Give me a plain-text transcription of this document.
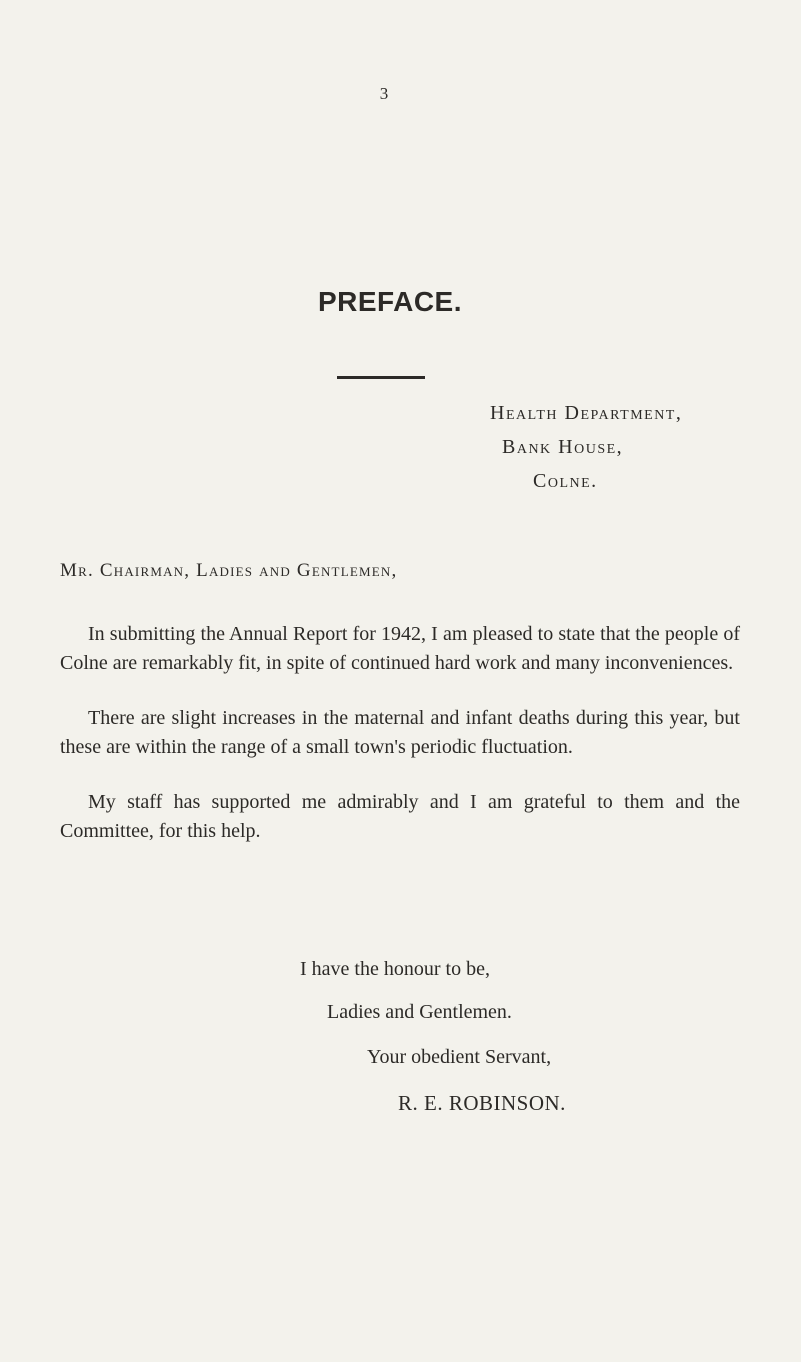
3
PREFACE.
Health Department,
Bank House,
Colne.
Mr. Chairman, Ladies and Gentlemen,

In submitting the Annual Report for 1942, I am pleased to state that the people of Colne are remarkably fit, in spite of continued hard work and many inconveniences.

There are slight increases in the maternal and infant deaths during this year, but these are within the range of a small town's periodic fluctuation.

My staff has supported me admirably and I am grateful to them and the Committee, for this help.

I have the honour to be,
Ladies and Gentlemen.
Your obedient Servant,
R. E. ROBINSON.
